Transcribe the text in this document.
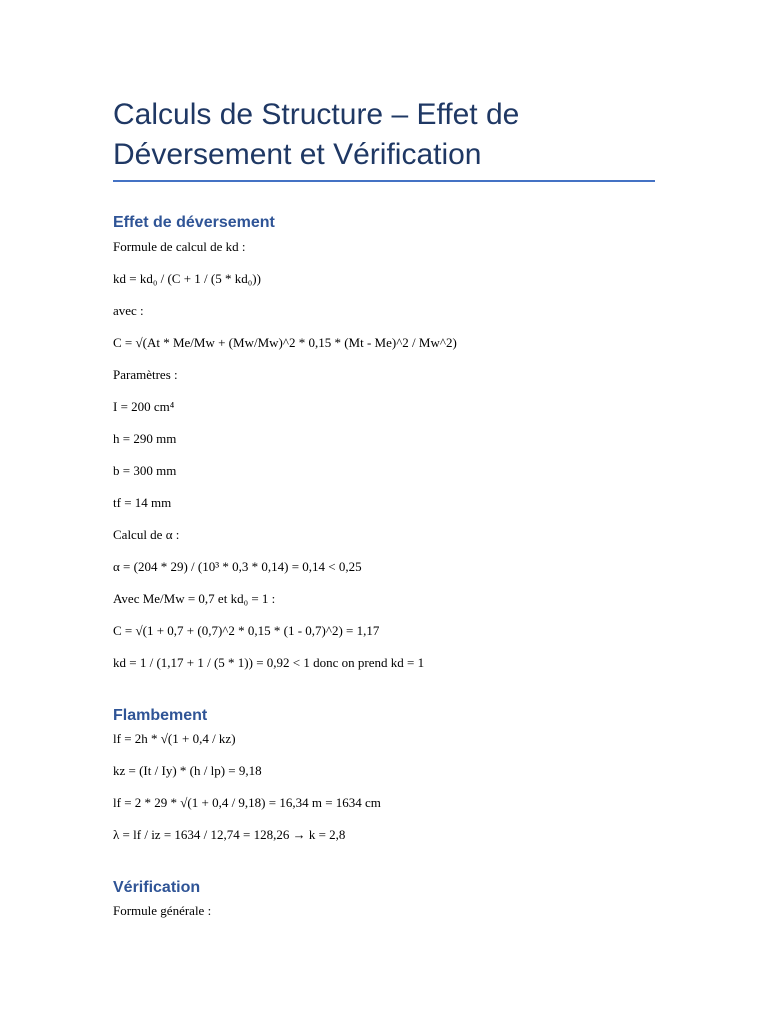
Calculs de Structure – Effet de
Déversement et Vérification
Effet de déversement

Formule de calcul de kd :

kd = kd₀ / (C + 1 / (5 * kd₀))

avec :

C = √(At * Me/Mw + (Mw/Mw)^2 * 0,15 * (Mt - Me)^2 / Mw^2)

Paramètres :

I = 200 cm⁴

h = 290 mm

b = 300 mm

tf = 14 mm

Calcul de α :

α = (204 * 29) / (10³ * 0,3 * 0,14) = 0,14 < 0,25

Avec Me/Mw = 0,7 et kd₀ = 1 :

C = √(1 + 0,7 + (0,7)^2 * 0,15 * (1 - 0,7)^2) = 1,17

kd = 1 / (1,17 + 1 / (5 * 1)) = 0,92 < 1 donc on prend kd = 1

Flambement

lf = 2h * √(1 + 0,4 / kz)

kz = (It / Iy) * (h / lp) = 9,18

lf = 2 * 29 * √(1 + 0,4 / 9,18) = 16,34 m = 1634 cm

λ = lf / iz = 1634 / 12,74 = 128,26 → k = 2,8

Vérification

Formule générale :
